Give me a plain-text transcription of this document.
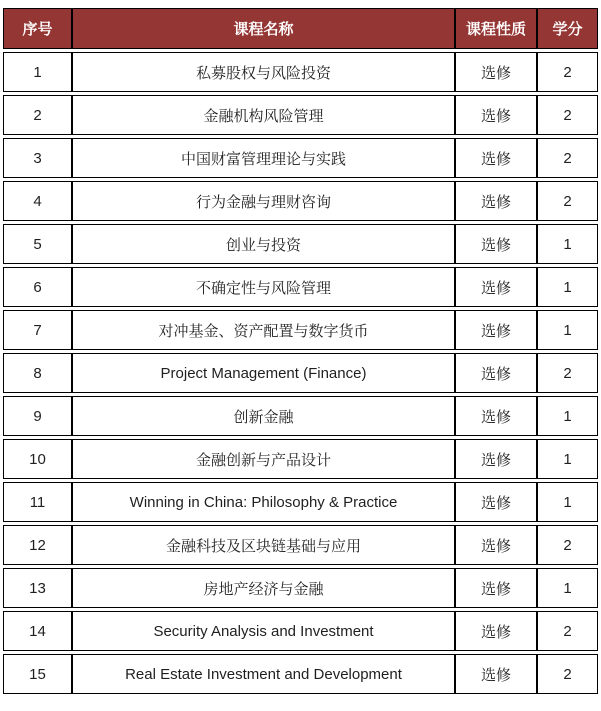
序号	课程名称	课程性质	学分
1	私募股权与风险投资	选修	2
2	金融机构风险管理	选修	2
3	中国财富管理理论与实践	选修	2
4	行为金融与理财咨询	选修	2
5	创业与投资	选修	1
6	不确定性与风险管理	选修	1
7	对冲基金、资产配置与数字货币	选修	1
8	Project Management (Finance)	选修	2
9	创新金融	选修	1
10	金融创新与产品设计	选修	1
11	Winning in China: Philosophy & Practice	选修	1
12	金融科技及区块链基础与应用	选修	2
13	房地产经济与金融	选修	1
14	Security Analysis and Investment	选修	2
15	Real Estate Investment and Development	选修	2
